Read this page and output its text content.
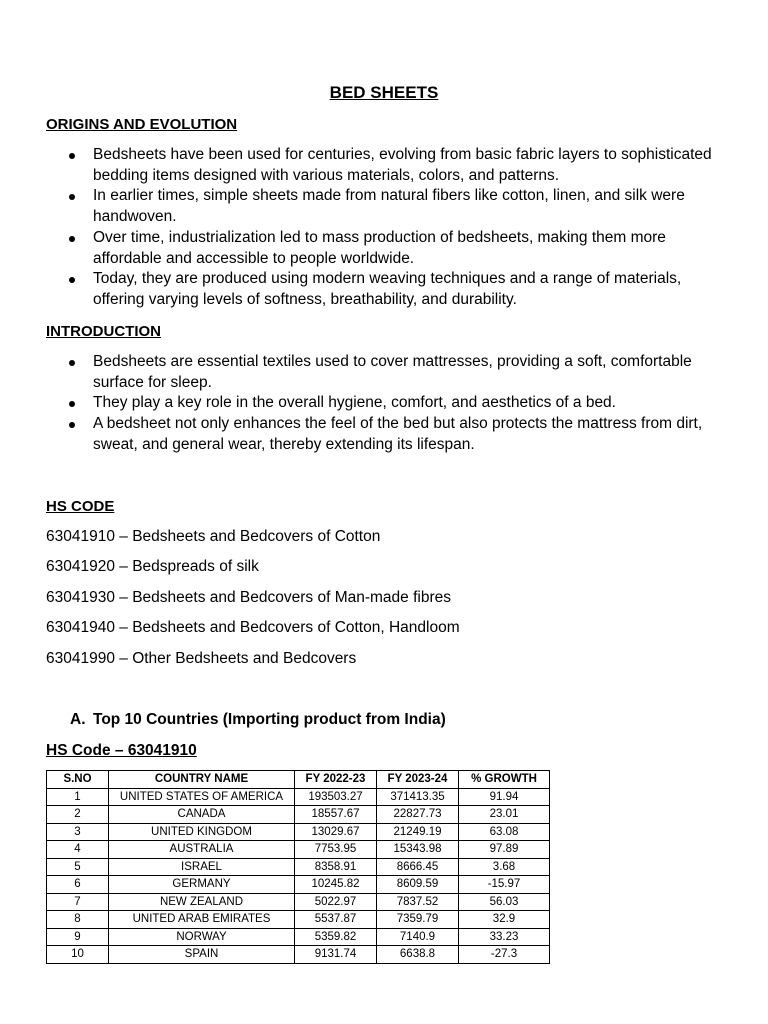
BED SHEETS
ORIGINS AND EVOLUTION
Bedsheets have been used for centuries, evolving from basic fabric layers to sophisticated bedding items designed with various materials, colors, and patterns.
In earlier times, simple sheets made from natural fibers like cotton, linen, and silk were handwoven.
Over time, industrialization led to mass production of bedsheets, making them more affordable and accessible to people worldwide.
Today, they are produced using modern weaving techniques and a range of materials, offering varying levels of softness, breathability, and durability.
INTRODUCTION
Bedsheets are essential textiles used to cover mattresses, providing a soft, comfortable surface for sleep.
They play a key role in the overall hygiene, comfort, and aesthetics of a bed.
A bedsheet not only enhances the feel of the bed but also protects the mattress from dirt, sweat, and general wear, thereby extending its lifespan.
HS CODE
63041910 – Bedsheets and Bedcovers of Cotton
63041920 – Bedspreads of silk
63041930 – Bedsheets and Bedcovers of Man-made fibres
63041940 – Bedsheets and Bedcovers of Cotton, Handloom
63041990 – Other Bedsheets and Bedcovers
A. Top 10 Countries (Importing product from India)
HS Code – 63041910
S.NO	COUNTRY NAME	FY 2022-23	FY 2023-24	% GROWTH
1	UNITED STATES OF AMERICA	193503.27	371413.35	91.94
2	CANADA	18557.67	22827.73	23.01
3	UNITED KINGDOM	13029.67	21249.19	63.08
4	AUSTRALIA	7753.95	15343.98	97.89
5	ISRAEL	8358.91	8666.45	3.68
6	GERMANY	10245.82	8609.59	-15.97
7	NEW ZEALAND	5022.97	7837.52	56.03
8	UNITED ARAB EMIRATES	5537.87	7359.79	32.9
9	NORWAY	5359.82	7140.9	33.23
10	SPAIN	9131.74	6638.8	-27.3
